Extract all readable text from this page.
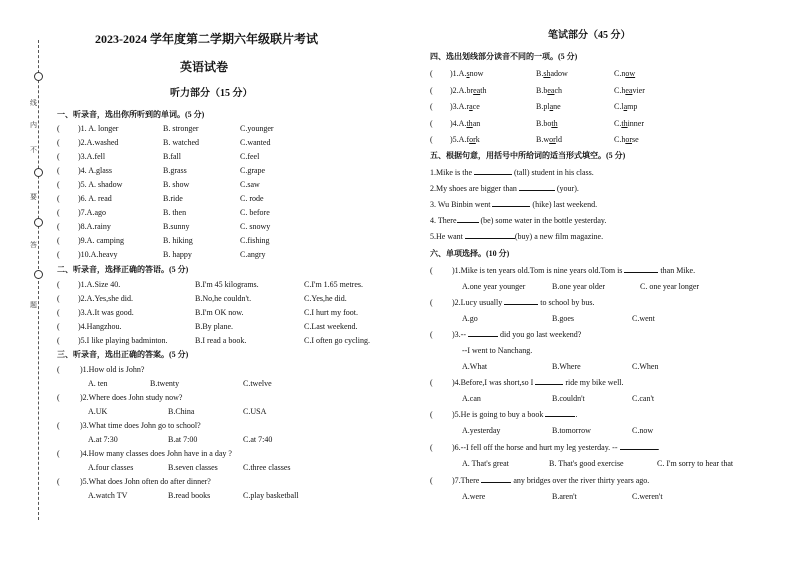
线
内
不
要
答
题
2023-2024 学年度第二学期六年级联片考试
英语试卷
听力部分（15 分）
笔试部分（45 分）
一、听录音，选出你所听到的单词。(5 分)
( )1. A. longer	B. stronger	C.younger
( )2.A.washed	B. watched	C.wanted
( )3.A.fell	B.fall	C.feel
( )4. A.glass	B.grass	C.grape
( )5. A. shadow	B. show	C.saw
( )6. A. read	B.ride	C. rode
( )7.A.ago	B. then	C. before
( )8.A.rainy	B.sunny	C. snowy
( )9.A. camping	B. hiking	C.fishing
( )10.A.heavy	B. happy	C.angry
二、听录音，选择正确的答语。(5 分)
( )1.A.Size 40.	B.I'm 45 kilograms.	C.I'm 1.65 metres.
( )2.A.Yes,she did.	B.No,he couldn't.	C.Yes,he did.
( )3.A.It was good.	B.I'm OK now.	C.I hurt my foot.
( )4.Hangzhou.	B.By plane.	C.Last weekend.
( )5.I like playing badminton.	B.I read a book.	C.I often go cycling.
三、听录音，选出正确的答案。(5 分)
(	)1.How old is John?
A. ten	B.twenty	C.twelve
(	)2.Where does John study now?
A.UK	B.China	C.USA
(	)3.What time does John go to school?
A.at 7:30	B.at 7:00	C.at 7:40
(	)4.How many classes does John have in a day ?
A.four classes	B.seven classes	C.three classes
(	)5.What does John often do after dinner?
A.watch TV	B.read books	C.play basketball
四、选出划线部分读音不同的一项。(5 分)
( )1.A.snow	B.shadow	C.now
( )2.A.breath	B.beach	C.heavier
( )3.A.race	B.plane	C.lamp
( )4.A.than	B.both	C.thinner
( )5.A.fork	B.world	C.horse
五、根据句意，用括号中所给词的适当形式填空。(5 分)
1.Mike is the	(tall) student in his class.
2.My shoes are bigger than	(your).
3. Wu Binbin went	(hike) last weekend.
4. There	(be) some water in the bottle yesterday.
5.He want	(buy) a new film magazine.
六、单项选择。(10 分)
( )1.Mike is ten years old.Tom is nine years old.Tom is	than Mike.
A.one year younger	B.one year older	C. one year longer
( )2.Lucy usually	to school by bus.
A.go	B.goes	C.went
( )3.--	did you go last weekend?
--I went to Nanchang.
A.What	B.Where	C.When
( )4.Before,I was short,so I	ride my bike well.
A.can	B.couldn't	C.can't
( )5.He is going to buy a book	.
A.yesterday	B.tomorrow	C.now
( )6.--I fell off the horse and hurt my leg yesterday. --	.
A. That's great	B. That's good exercise	C. I'm sorry to hear that
( )7.There	any bridges over the river thirty years ago.
A.were	B.aren't	C.weren't
